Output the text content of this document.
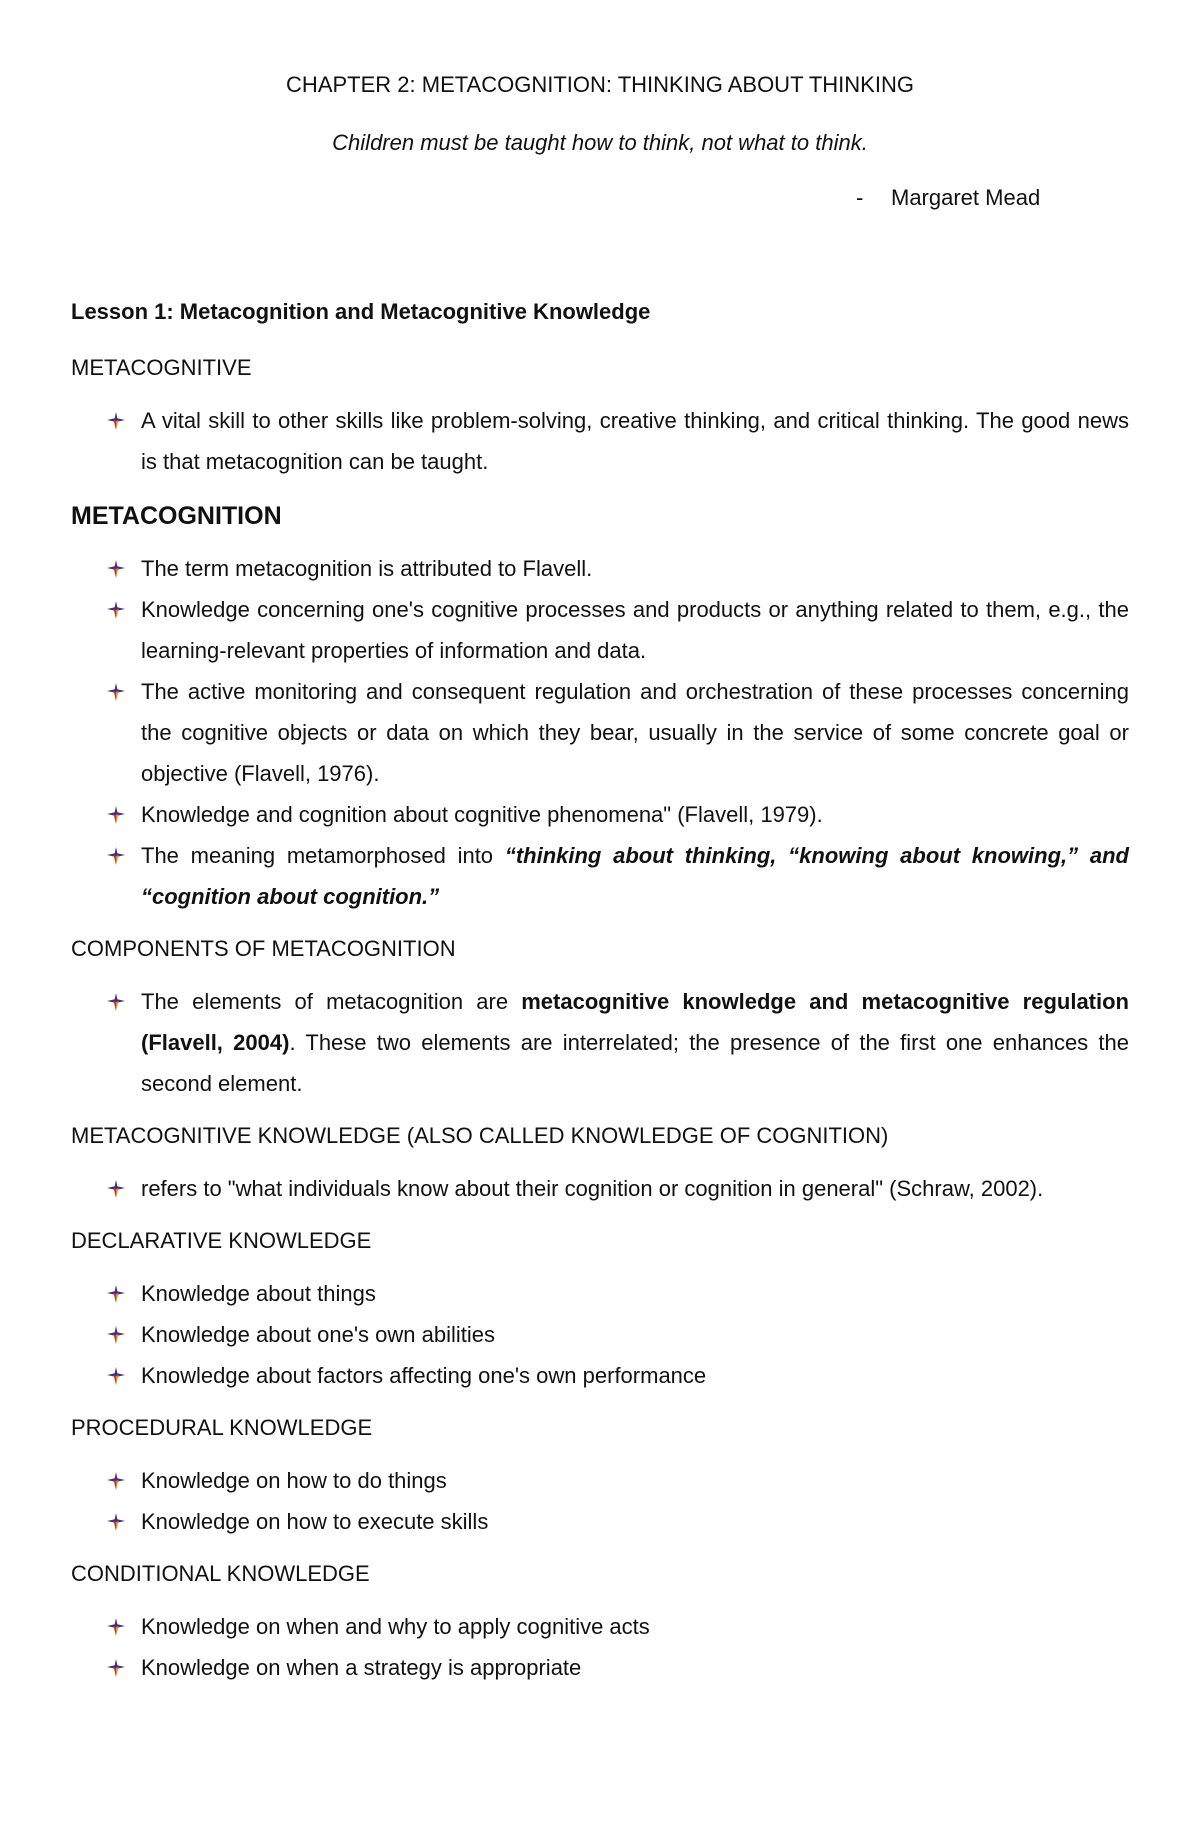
CHAPTER 2: METACOGNITION: THINKING ABOUT THINKING
Children must be taught how to think, not what to think.
- Margaret Mead
Lesson 1: Metacognition and Metacognitive Knowledge
METACOGNITIVE
A vital skill to other skills like problem-solving, creative thinking, and critical thinking. The good news is that metacognition can be taught.
METACOGNITION
The term metacognition is attributed to Flavell.
Knowledge concerning one's cognitive processes and products or anything related to them, e.g., the learning-relevant properties of information and data.
The active monitoring and consequent regulation and orchestration of these processes concerning the cognitive objects or data on which they bear, usually in the service of some concrete goal or objective (Flavell, 1976).
Knowledge and cognition about cognitive phenomena" (Flavell, 1979).
The meaning metamorphosed into “thinking about thinking, “knowing about knowing,” and “cognition about cognition.”
COMPONENTS OF METACOGNITION
The elements of metacognition are metacognitive knowledge and metacognitive regulation (Flavell, 2004). These two elements are interrelated; the presence of the first one enhances the second element.
METACOGNITIVE KNOWLEDGE (ALSO CALLED KNOWLEDGE OF COGNITION)
refers to "what individuals know about their cognition or cognition in general" (Schraw, 2002).
DECLARATIVE KNOWLEDGE
Knowledge about things
Knowledge about one's own abilities
Knowledge about factors affecting one's own performance
PROCEDURAL KNOWLEDGE
Knowledge on how to do things
Knowledge on how to execute skills
CONDITIONAL KNOWLEDGE
Knowledge on when and why to apply cognitive acts
Knowledge on when a strategy is appropriate
